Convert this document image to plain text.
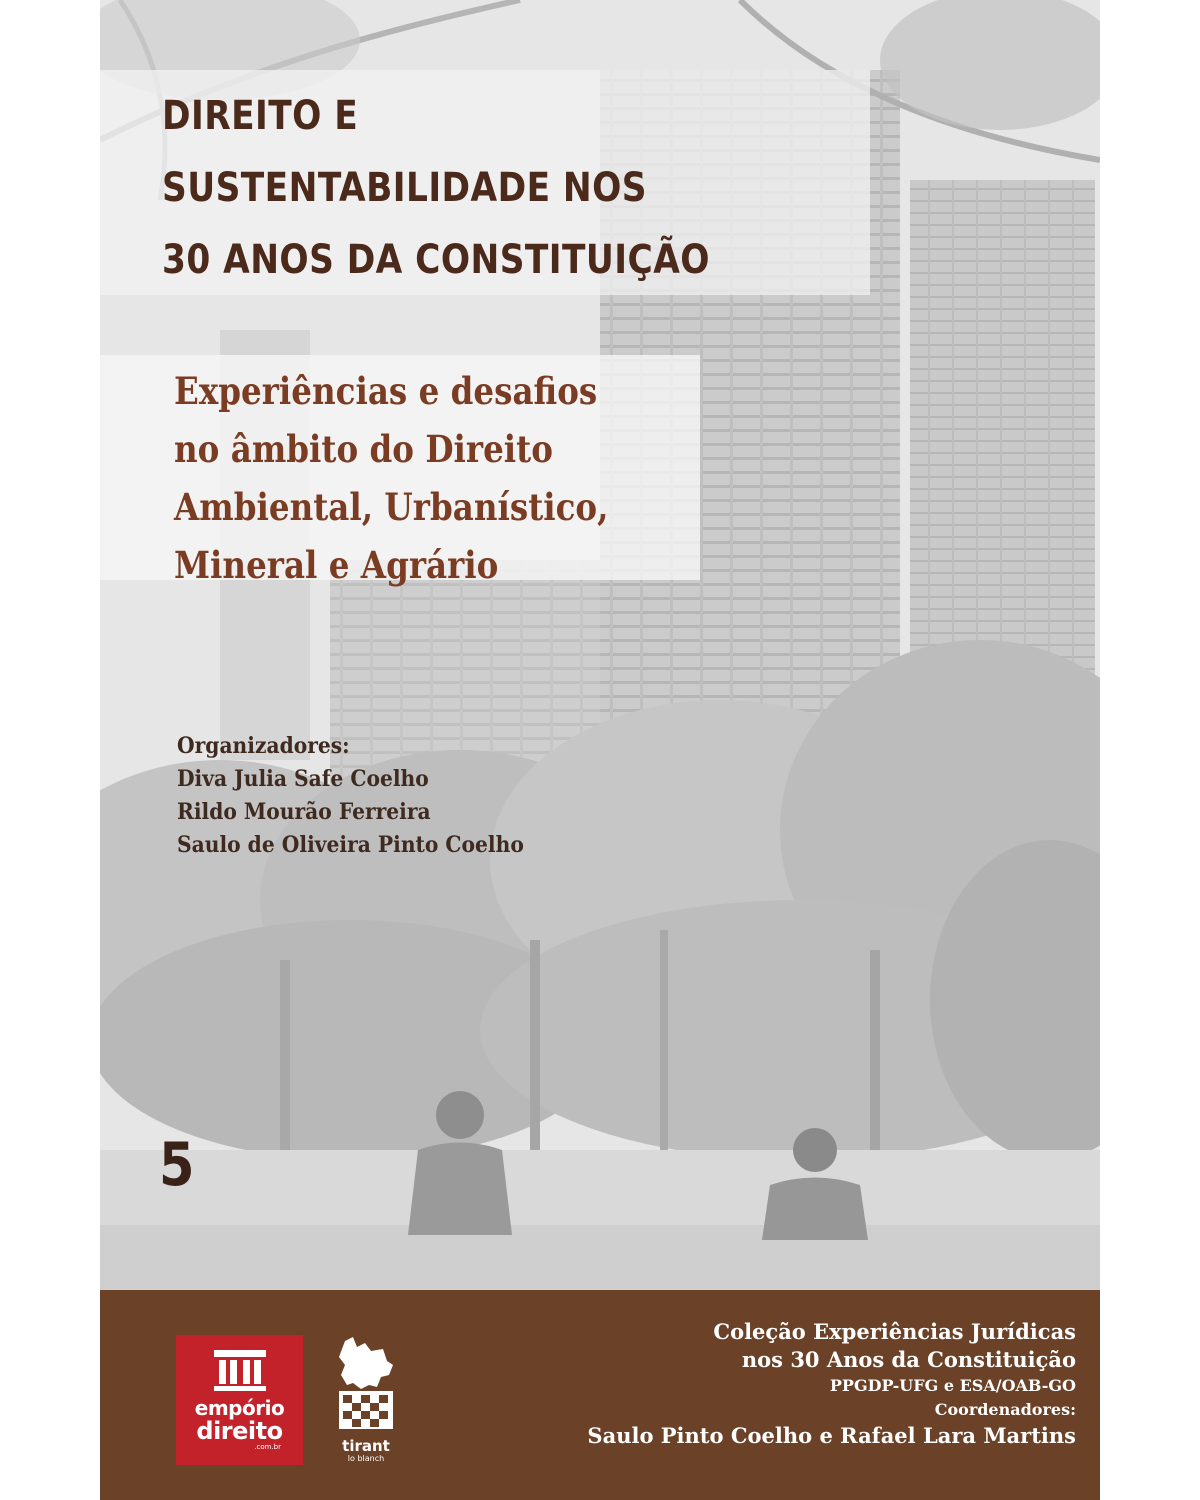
DIREITO E
SUSTENTABILIDADE NOS
30 ANOS DA CONSTITUIÇÃO
Experiências e desafios
no âmbito do Direito
Ambiental, Urbanístico,
Mineral e Agrário
Organizadores:
Diva Julia Safe Coelho
Rildo Mourão Ferreira
Saulo de Oliveira Pinto Coelho
5
empório
direito
.com.br	tirant
lo blanch
Coleção Experiências Jurídicas
nos 30 Anos da Constituição
PPGDP-UFG e ESA/OAB-GO
Coordenadores:
Saulo Pinto Coelho e Rafael Lara Martins
